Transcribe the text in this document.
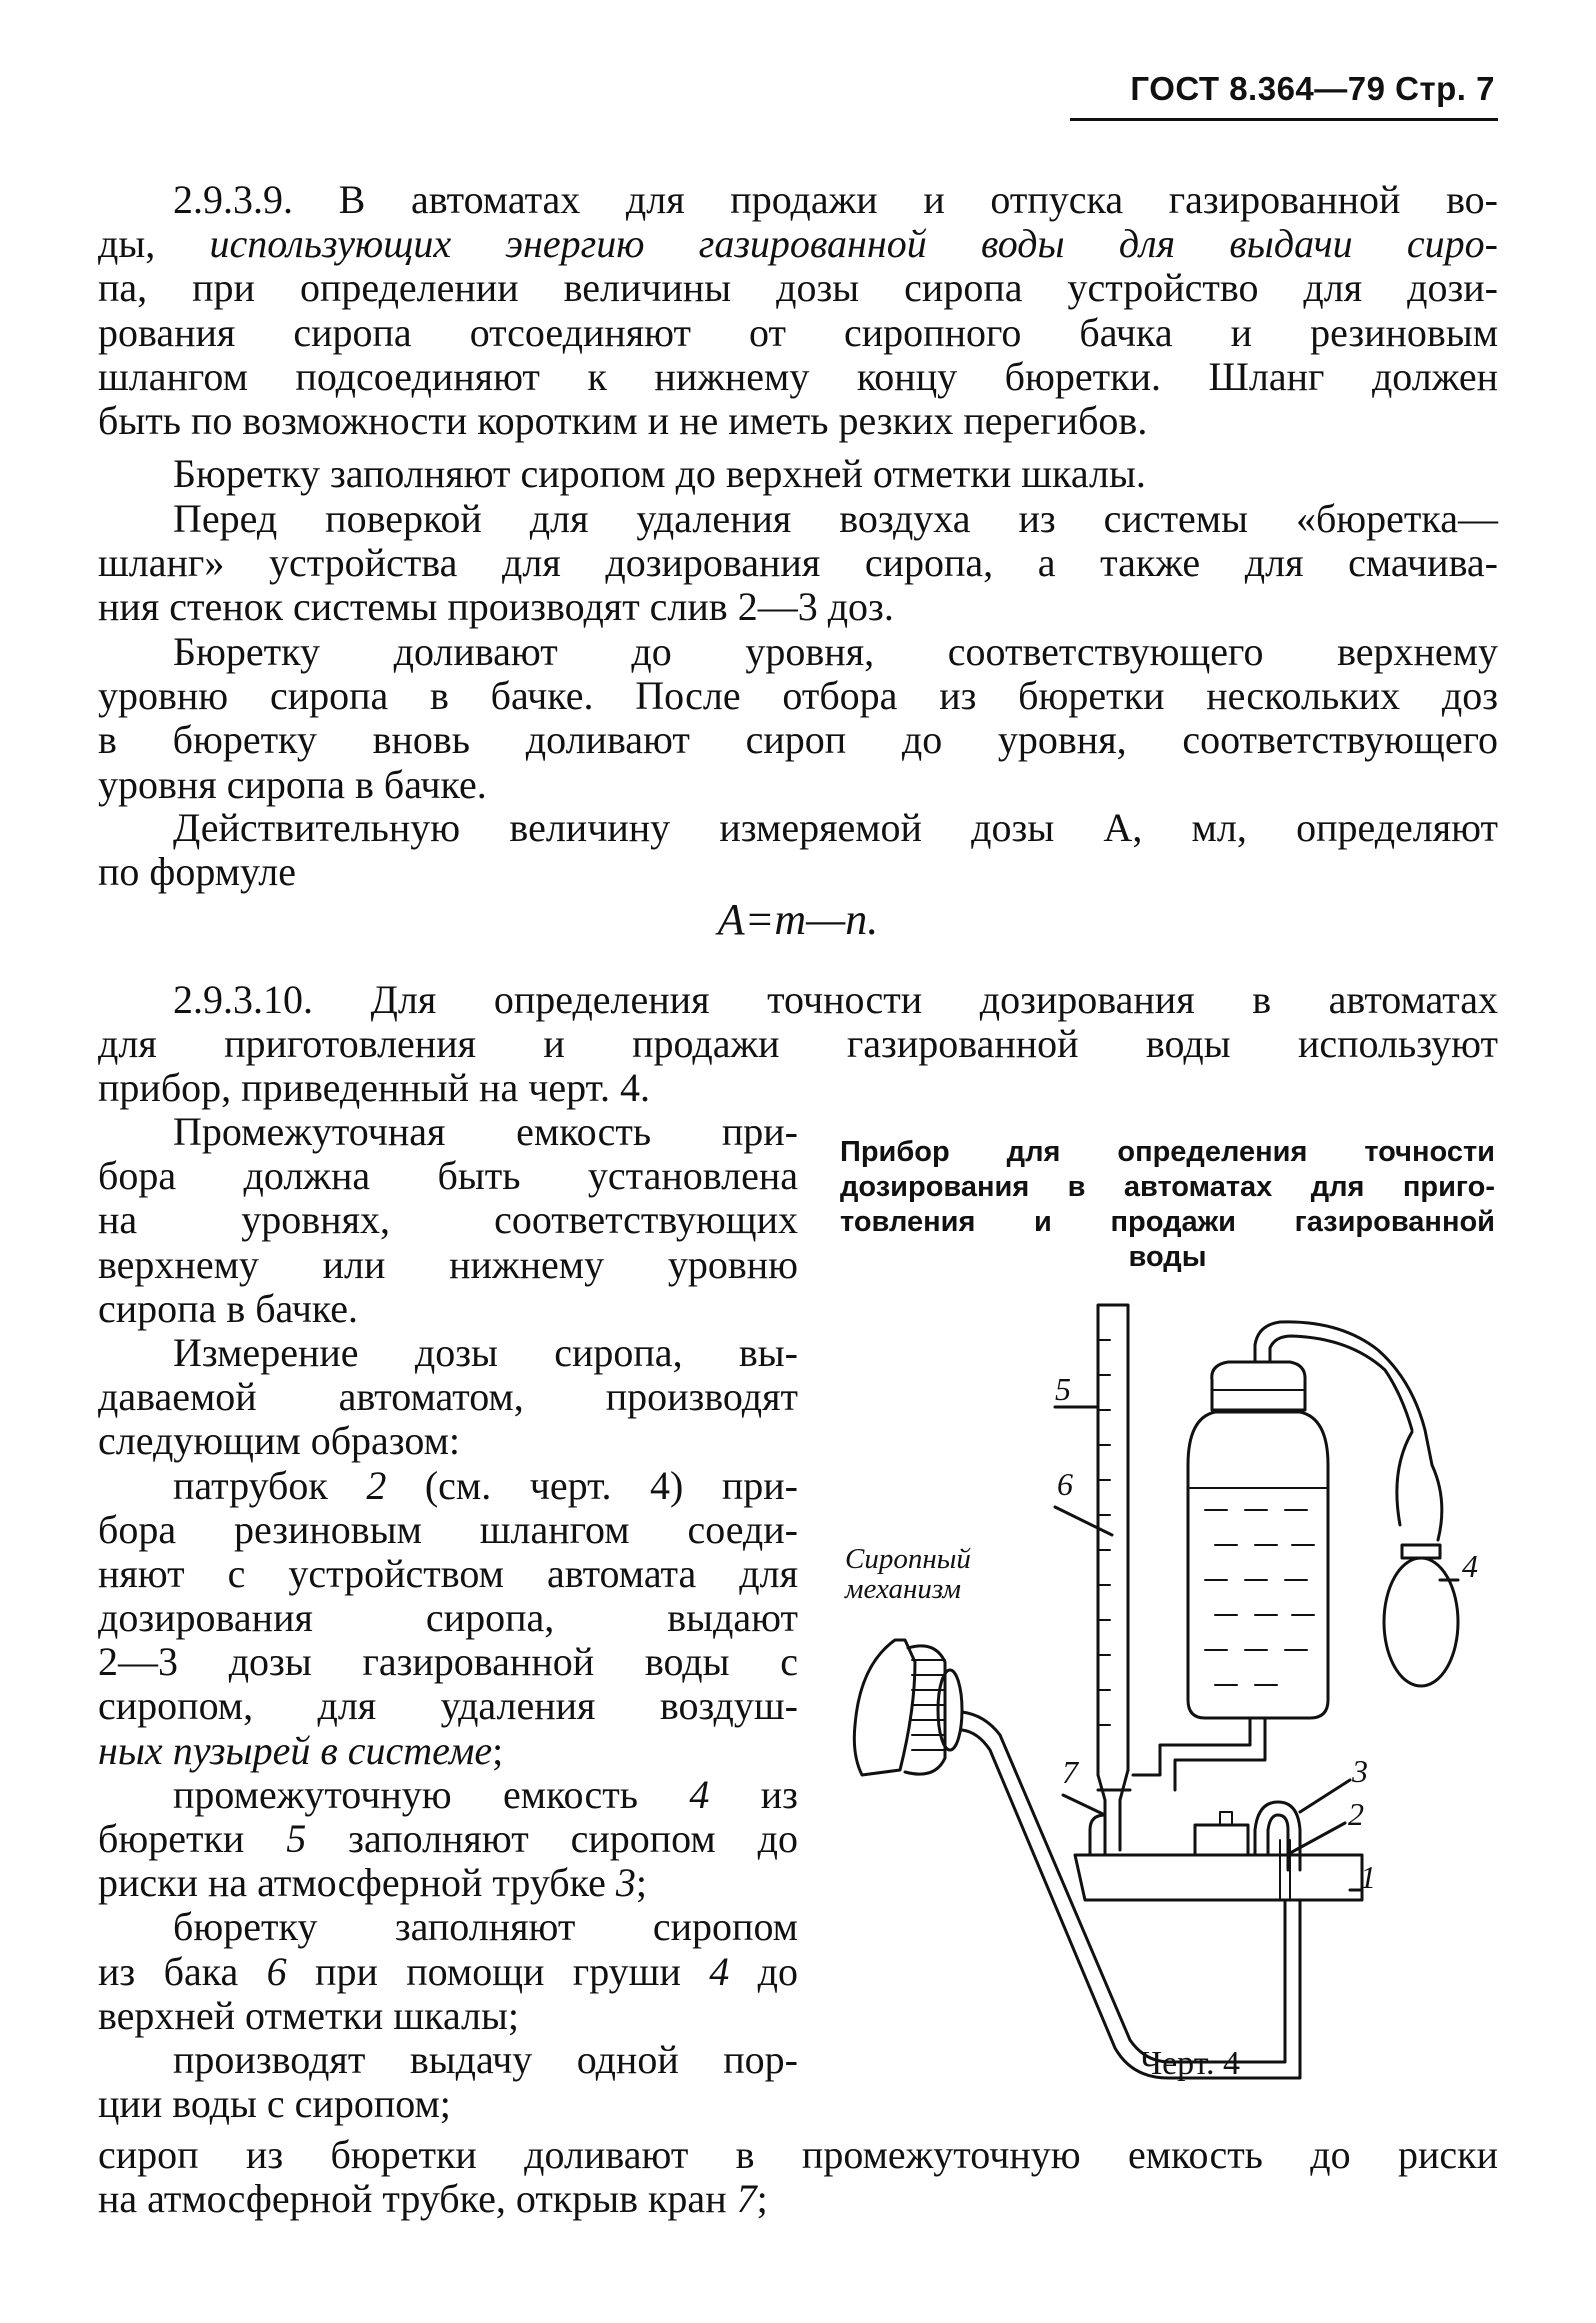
ГОСТ 8.364—79 Стр. 7
2.9.3.9. В автоматах для продажи и отпуска газированной во-
ды, использующих энергию газированной воды для выдачи сиро-
па, при определении величины дозы сиропа устройство для дози-
рования сиропа отсоединяют от сиропного бачка и резиновым
шлангом подсоединяют к нижнему концу бюретки. Шланг должен
быть по возможности коротким и не иметь резких перегибов.
Бюретку заполняют сиропом до верхней отметки шкалы.
Перед поверкой для удаления воздуха из системы «бюретка—
шланг» устройства для дозирования сиропа, а также для смачива-
ния стенок системы производят слив 2—3 доз.
Бюретку доливают до уровня, соответствующего верхнему
уровню сиропа в бачке. После отбора из бюретки нескольких доз
в бюретку вновь доливают сироп до уровня, соответствующего
уровня сиропа в бачке.
Действительную величину измеряемой дозы A, мл, определяют
по формуле
A=m—n.
2.9.3.10. Для определения точности дозирования в автоматах
для приготовления и продажи газированной воды используют
прибор, приведенный на черт. 4.
Промежуточная емкость при-
бора должна быть установлена
на уровнях, соответствующих
верхнему или нижнему уровню
сиропа в бачке.
Измерение дозы сиропа, вы-
даваемой автоматом, производят
следующим образом:
патрубок 2 (см. черт. 4) при-
бора резиновым шлангом соеди-
няют с устройством автомата для
дозирования сиропа, выдают
2—3 дозы газированной воды с
сиропом, для удаления воздуш-
ных пузырей в системе;
промежуточную емкость 4 из
бюретки 5 заполняют сиропом до
риски на атмосферной трубке 3;
бюретку заполняют сиропом
из бака 6 при помощи груши 4 до
верхней отметки шкалы;
производят выдачу одной пор-
ции воды с сиропом;
Прибор для определения точности
дозирования в автоматах для приго-
товления и продажи газированной
воды
Сиропный
механизм
5
6
7	3
2
1
4
Черт. 4
сироп из бюретки доливают в промежуточную емкость до риски
на атмосферной трубке, открыв кран 7;
